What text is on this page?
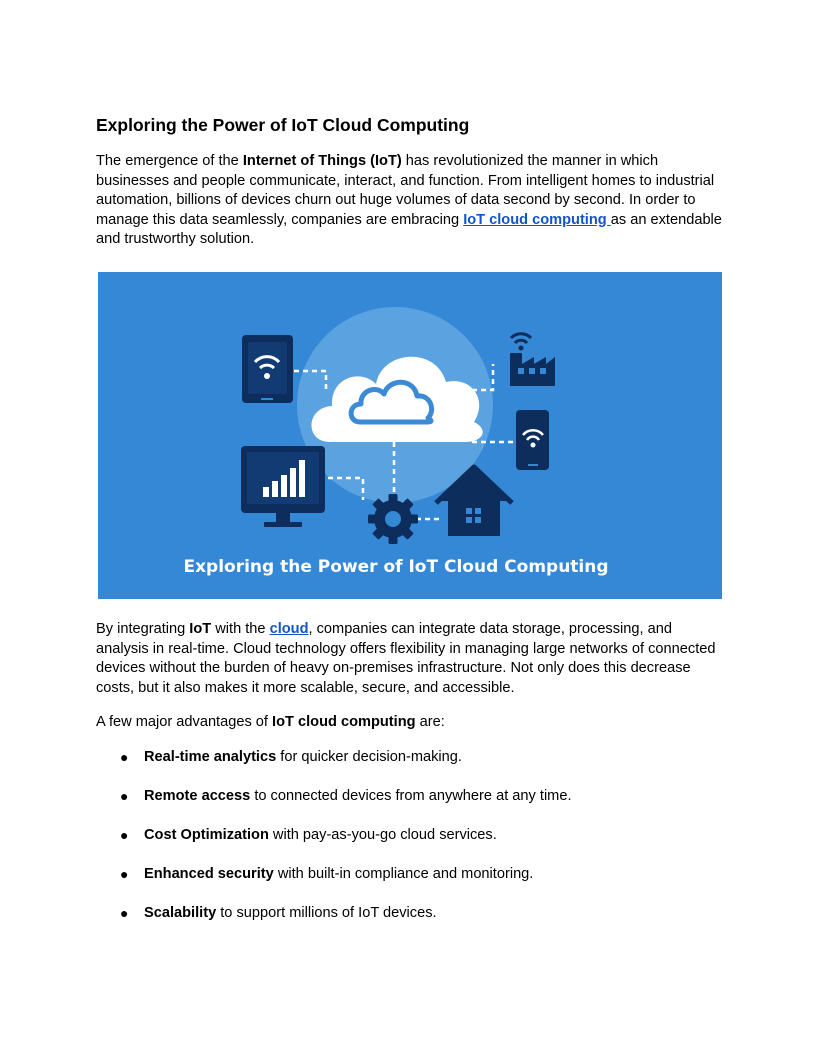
Exploring the Power of IoT Cloud Computing

The emergence of the Internet of Things (IoT) has revolutionized the manner in which businesses and people communicate, interact, and function. From intelligent homes to industrial automation, billions of devices churn out huge volumes of data second by second. In order to manage this data seamlessly, companies are embracing IoT cloud computing as an extendable and trustworthy solution.

Exploring the Power of IoT Cloud Computing

By integrating IoT with the cloud, companies can integrate data storage, processing, and analysis in real-time. Cloud technology offers flexibility in managing large networks of connected devices without the burden of heavy on-premises infrastructure. Not only does this decrease costs, but it also makes it more scalable, secure, and accessible.

A few major advantages of IoT cloud computing are:

● Real-time analytics for quicker decision-making.
● Remote access to connected devices from anywhere at any time.
● Cost Optimization with pay-as-you-go cloud services.
● Enhanced security with built-in compliance and monitoring.
● Scalability to support millions of IoT devices.
